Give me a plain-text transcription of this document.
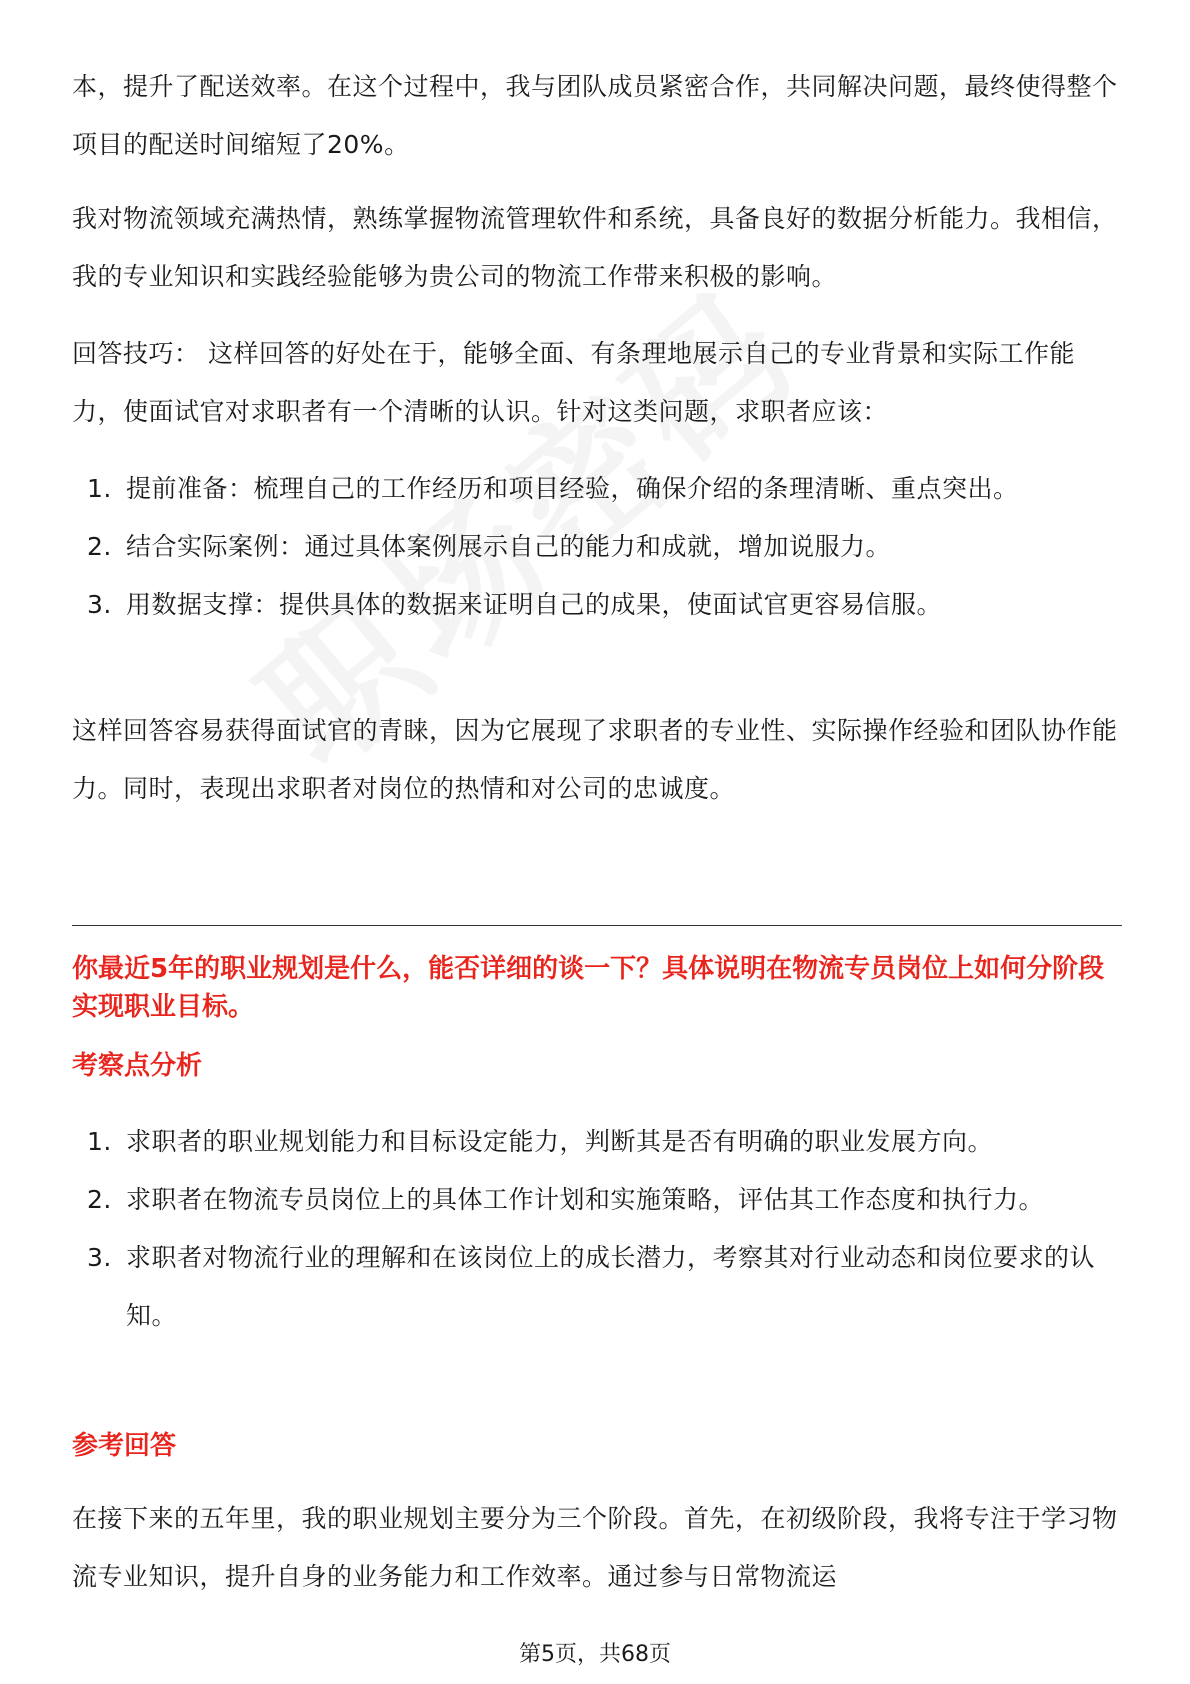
本，提升了配送效率。在这个过程中，我与团队成员紧密合作，共同解决问题，最终使得整个项目的配送时间缩短了20%。

我对物流领域充满热情，熟练掌握物流管理软件和系统，具备良好的数据分析能力。我相信，我的专业知识和实践经验能够为贵公司的物流工作带来积极的影响。

回答技巧： 这样回答的好处在于，能够全面、有条理地展示自己的专业背景和实际工作能力，使面试官对求职者有一个清晰的认识。针对这类问题，求职者应该：

1. 提前准备：梳理自己的工作经历和项目经验，确保介绍的条理清晰、重点突出。
2. 结合实际案例：通过具体案例展示自己的能力和成就，增加说服力。
3. 用数据支撑：提供具体的数据来证明自己的成果，使面试官更容易信服。

这样回答容易获得面试官的青睐，因为它展现了求职者的专业性、实际操作经验和团队协作能力。同时，表现出求职者对岗位的热情和对公司的忠诚度。

你最近5年的职业规划是什么，能否详细的谈一下？具体说明在物流专员岗位上如何分阶段实现职业目标。

考察点分析

1. 求职者的职业规划能力和目标设定能力，判断其是否有明确的职业发展方向。
2. 求职者在物流专员岗位上的具体工作计划和实施策略，评估其工作态度和执行力。
3. 求职者对物流行业的理解和在该岗位上的成长潜力，考察其对行业动态和岗位要求的认知。

参考回答

在接下来的五年里，我的职业规划主要分为三个阶段。首先，在初级阶段，我将专注于学习物流专业知识，提升自身的业务能力和工作效率。通过参与日常物流运

第5页，共68页
